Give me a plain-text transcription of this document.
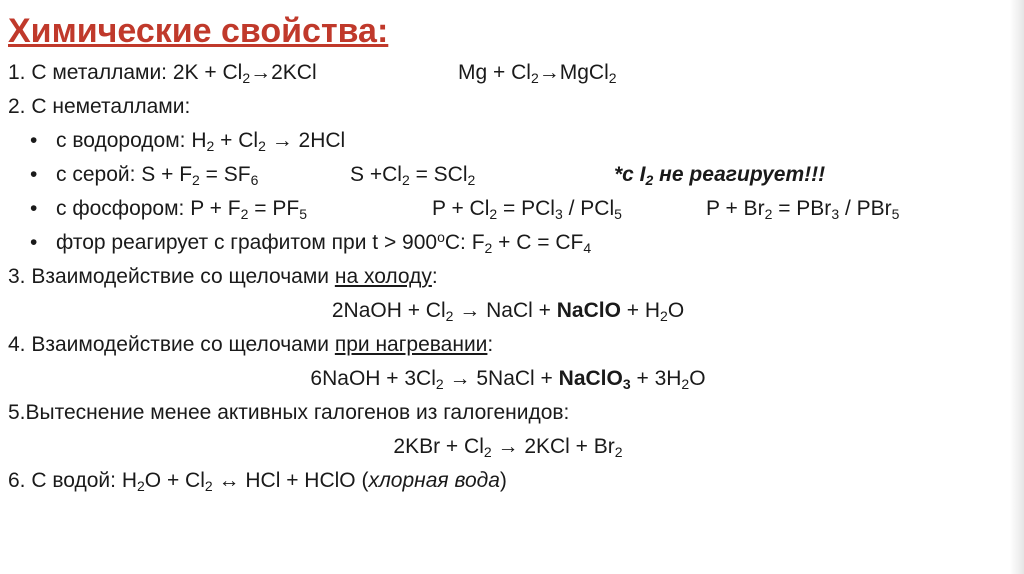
Химические свойства:
1. С металлами: $2K + Cl_2\to 2KCl$	$Mg + Cl_2\to MgCl_2$
2. С неметаллами:
• с водородом: $H_2 + Cl_2 \to 2HCl$
• с серой: $S + F_2 = SF_6$	$S +Cl_2 = SCl_2$	*с $I_2$ не реагирует!!!
• с фосфором: $P + F_2 = PF_5$	$P + Cl_2 = PCl_3 / PCl_5$	$P + Br_2 = PBr_3 / PBr_5$
• фтор реагирует с графитом при $t > 900^oC$: $F_2 + C = CF_4$
3. Взаимодействие со щелочами на холоду:
2NaOH + $Cl_2$ → NaCl + NaClO + $H_2O$
4. Взаимодействие со щелочами при нагревании:
6NaOH + $3Cl_2$ → 5NaCl + NaClO$_3$ + $3H_2O$
5.Вытеснение менее активных галогенов из галогенидов:
$2KBr + Cl_2 \to 2KCl + Br_2$
6. С водой: $H_2O + Cl_2$ ↔ HCl + HClO (хлорная вода)
